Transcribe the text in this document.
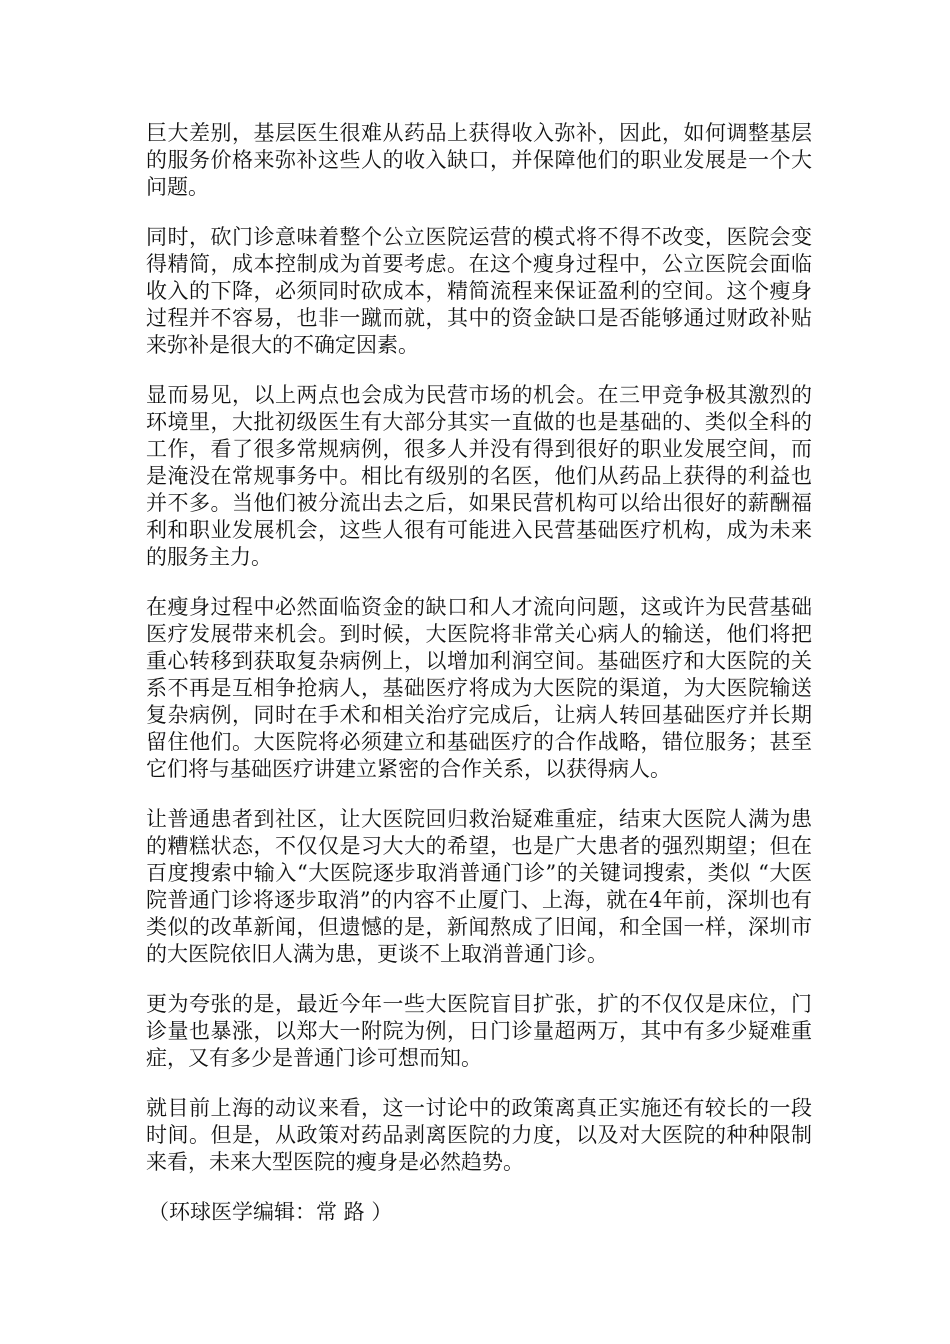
巨大差别，基层医生很难从药品上获得收入弥补，因此，如何调整基层的服务价格来弥补这些人的收入缺口，并保障他们的职业发展是一个大问题。

同时，砍门诊意味着整个公立医院运营的模式将不得不改变，医院会变得精简，成本控制成为首要考虑。在这个瘦身过程中，公立医院会面临收入的下降，必须同时砍成本，精简流程来保证盈利的空间。这个瘦身过程并不容易，也非一蹴而就，其中的资金缺口是否能够通过财政补贴来弥补是很大的不确定因素。

显而易见，以上两点也会成为民营市场的机会。在三甲竞争极其激烈的环境里，大批初级医生有大部分其实一直做的也是基础的、类似全科的工作，看了很多常规病例，很多人并没有得到很好的职业发展空间，而是淹没在常规事务中。相比有级别的名医，他们从药品上获得的利益也并不多。当他们被分流出去之后，如果民营机构可以给出很好的薪酬福利和职业发展机会，这些人很有可能进入民营基础医疗机构，成为未来的服务主力。

在瘦身过程中必然面临资金的缺口和人才流向问题，这或许为民营基础医疗发展带来机会。到时候，大医院将非常关心病人的输送，他们将把重心转移到获取复杂病例上，以增加利润空间。基础医疗和大医院的关系不再是互相争抢病人，基础医疗将成为大医院的渠道，为大医院输送复杂病例，同时在手术和相关治疗完成后，让病人转回基础医疗并长期留住他们。大医院将必须建立和基础医疗的合作战略，错位服务；甚至它们将与基础医疗讲建立紧密的合作关系，以获得病人。

让普通患者到社区，让大医院回归救治疑难重症，结束大医院人满为患的糟糕状态，不仅仅是习大大的希望，也是广大患者的强烈期望；但在百度搜索中输入“大医院逐步取消普通门诊”的关键词搜索，类似 “大医院普通门诊将逐步取消”的内容不止厦门、上海，就在4年前，深圳也有类似的改革新闻，但遗憾的是，新闻熬成了旧闻，和全国一样，深圳市的大医院依旧人满为患，更谈不上取消普通门诊。

更为夸张的是，最近今年一些大医院盲目扩张，扩的不仅仅是床位，门诊量也暴涨，以郑大一附院为例，日门诊量超两万，其中有多少疑难重症，又有多少是普通门诊可想而知。

就目前上海的动议来看，这一讨论中的政策离真正实施还有较长的一段时间。但是，从政策对药品剥离医院的力度，以及对大医院的种种限制来看，未来大型医院的瘦身是必然趋势。

（环球医学编辑：常 路 ）
